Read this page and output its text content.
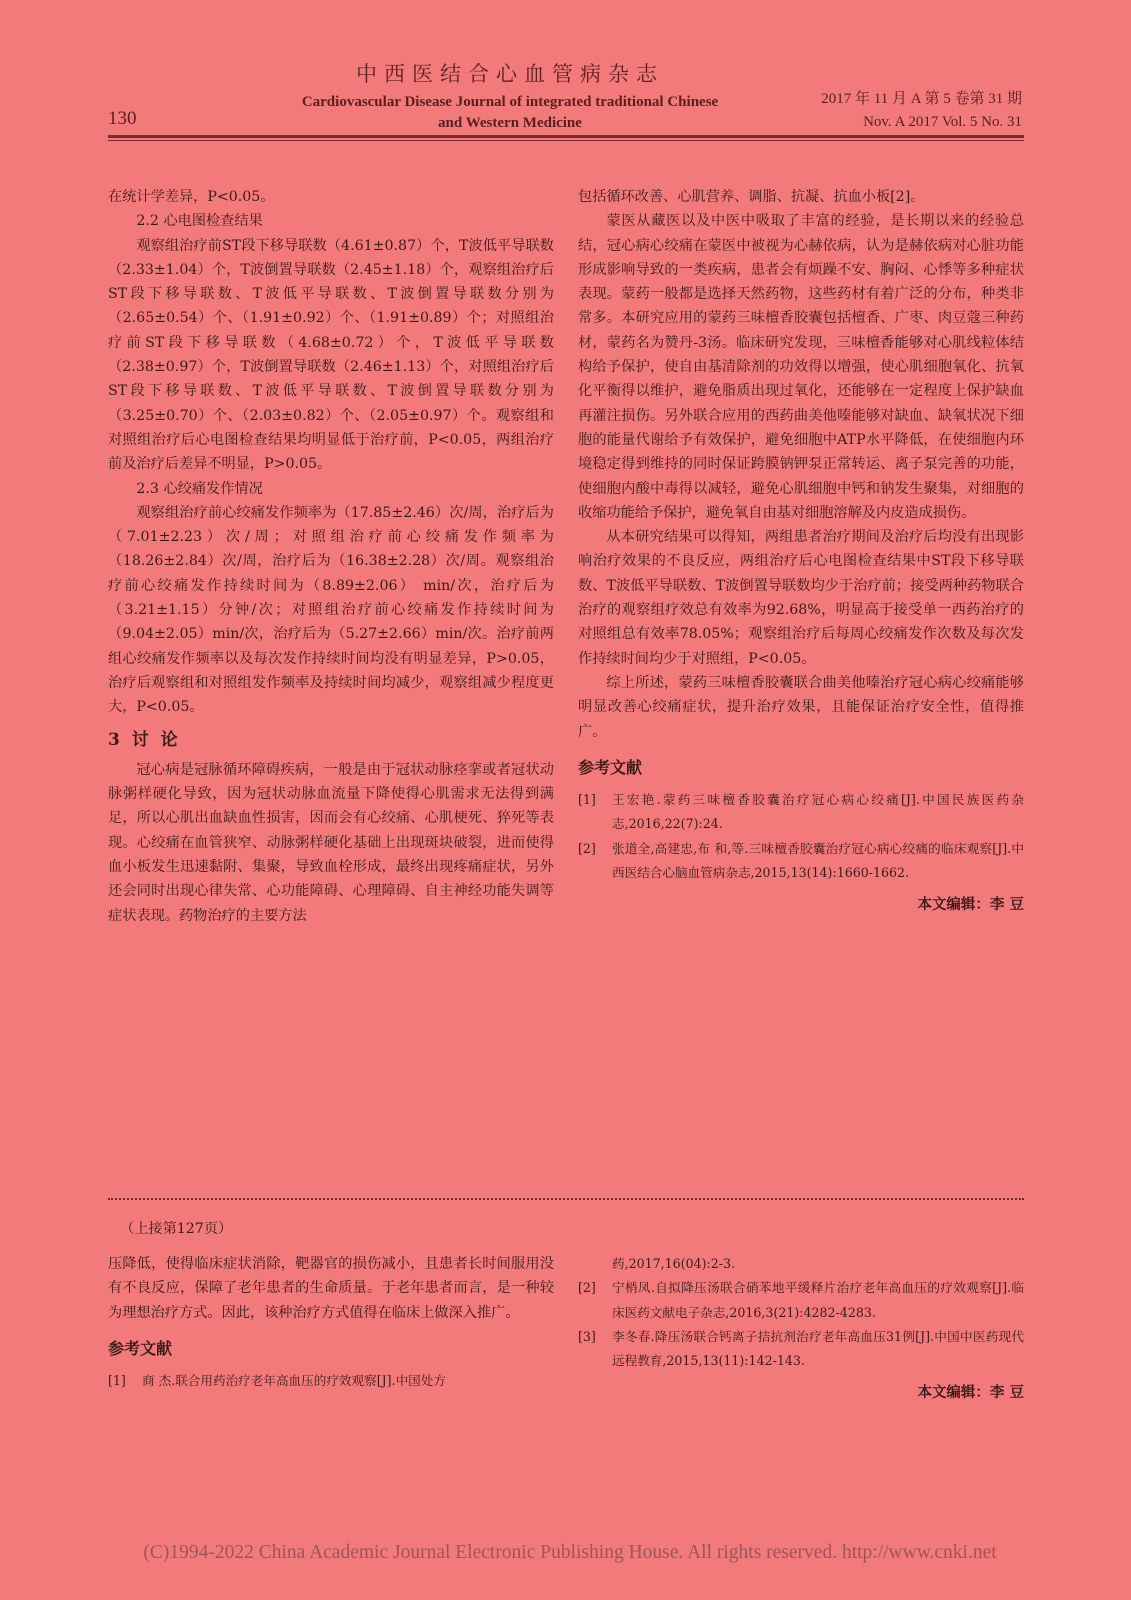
中西医结合心血管病杂志
Cardiovascular Disease Journal of integrated traditional Chinese and Western Medicine
130
2017 年 11 月 A 第 5 卷第 31 期
Nov. A 2017 Vol. 5 No. 31

在统计学差异，P<0.05。

2.2 心电图检查结果

观察组治疗前ST段下移导联数（4.61±0.87）个，T波低平导联数（2.33±1.04）个，T波倒置导联数（2.45±1.18）个，观察组治疗后ST段下移导联数、T波低平导联数、T波倒置导联数分别为（2.65±0.54）个、（1.91±0.92）个、（1.91±0.89）个；对照组治疗前ST段下移导联数（4.68±0.72）个，T波低平导联数（2.38±0.97）个，T波倒置导联数（2.46±1.13）个，对照组治疗后ST段下移导联数、T波低平导联数、T波倒置导联数分别为（3.25±0.70）个、（2.03±0.82）个、（2.05±0.97）个。观察组和对照组治疗后心电图检查结果均明显低于治疗前，P<0.05，两组治疗前及治疗后差异不明显，P>0.05。

2.3 心绞痛发作情况

观察组治疗前心绞痛发作频率为（17.85±2.46）次/周，治疗后为（7.01±2.23）次/周；对照组治疗前心绞痛发作频率为（18.26±2.84）次/周，治疗后为（16.38±2.28）次/周。观察组治疗前心绞痛发作持续时间为（8.89±2.06） min/次，治疗后为（3.21±1.15）分钟/次；对照组治疗前心绞痛发作持续时间为（9.04±2.05）min/次，治疗后为（5.27±2.66）min/次。治疗前两组心绞痛发作频率以及每次发作持续时间均没有明显差异，P>0.05，治疗后观察组和对照组发作频率及持续时间均减少，观察组减少程度更大，P<0.05。

3 讨 论

冠心病是冠脉循环障碍疾病，一般是由于冠状动脉痉挛或者冠状动脉粥样硬化导致，因为冠状动脉血流量下降使得心肌需求无法得到满足，所以心肌出血缺血性损害，因而会有心绞痛、心肌梗死、猝死等表现。心绞痛在血管狭窄、动脉粥样硬化基础上出现斑块破裂，进而使得血小板发生迅速黏附、集聚，导致血栓形成，最终出现疼痛症状，另外还会同时出现心律失常、心功能障碍、心理障碍、自主神经功能失调等症状表现。药物治疗的主要方法

包括循环改善、心肌营养、调脂、抗凝、抗血小板[2]。

蒙医从藏医以及中医中吸取了丰富的经验，是长期以来的经验总结，冠心病心绞痛在蒙医中被视为心赫依病，认为是赫依病对心脏功能形成影响导致的一类疾病，患者会有烦躁不安、胸闷、心悸等多种症状表现。蒙药一般都是选择天然药物，这些药材有着广泛的分布，种类非常多。本研究应用的蒙药三味檀香胶囊包括檀香、广枣、肉豆蔻三种药材，蒙药名为赞丹-3汤。临床研究发现，三味檀香能够对心肌线粒体结构给予保护，使自由基清除剂的功效得以增强，使心肌细胞氧化、抗氧化平衡得以维护，避免脂质出现过氧化，还能够在一定程度上保护缺血再灌注损伤。另外联合应用的西药曲美他嗪能够对缺血、缺氧状况下细胞的能量代谢给予有效保护，避免细胞中ATP水平降低，在使细胞内环境稳定得到维持的同时保证跨膜钠钾泵正常转运、离子泵完善的功能，使细胞内酸中毒得以减轻，避免心肌细胞中钙和钠发生聚集，对细胞的收缩功能给予保护，避免氧自由基对细胞溶解及内皮造成损伤。

从本研究结果可以得知，两组患者治疗期间及治疗后均没有出现影响治疗效果的不良反应，两组治疗后心电图检查结果中ST段下移导联数、T波低平导联数、T波倒置导联数均少于治疗前；接受两种药物联合治疗的观察组疗效总有效率为92.68%，明显高于接受单一西药治疗的对照组总有效率78.05%；观察组治疗后每周心绞痛发作次数及每次发作持续时间均少于对照组，P<0.05。

综上所述，蒙药三味檀香胶囊联合曲美他嗪治疗冠心病心绞痛能够明显改善心绞痛症状，提升治疗效果，且能保证治疗安全性，值得推广。

参考文献
[1]	王宏艳.蒙药三味檀香胶囊治疗冠心病心绞痛[J].中国民族医药杂志,2016,22(7):24.
[2]	张道全,高建忠,布 和,等.三味檀香胶囊治疗冠心病心绞痛的临床观察[J].中西医结合心脑血管病杂志,2015,13(14):1660-1662.
本文编辑：李 豆
（上接第127页）

压降低，使得临床症状消除，靶器官的损伤减小，且患者长时间服用没有不良反应，保障了老年患者的生命质量。于老年患者而言，是一种较为理想治疗方式。因此，该种治疗方式值得在临床上做深入推广。

参考文献
[1]	商 杰.联合用药治疗老年高血压的疗效观察[J].中国处方
药,2017,16(04):2-3.
[2]	宁梢凤.自拟降压汤联合硝苯地平缓释片治疗老年高血压的疗效观察[J].临床医药文献电子杂志,2016,3(21):4282-4283.
[3]	李冬春.降压汤联合钙离子拮抗剂治疗老年高血压31例[J].中国中医药现代远程教育,2015,13(11):142-143.
本文编辑：李 豆
(C)1994-2022 China Academic Journal Electronic Publishing House. All rights reserved. http://www.cnki.net
